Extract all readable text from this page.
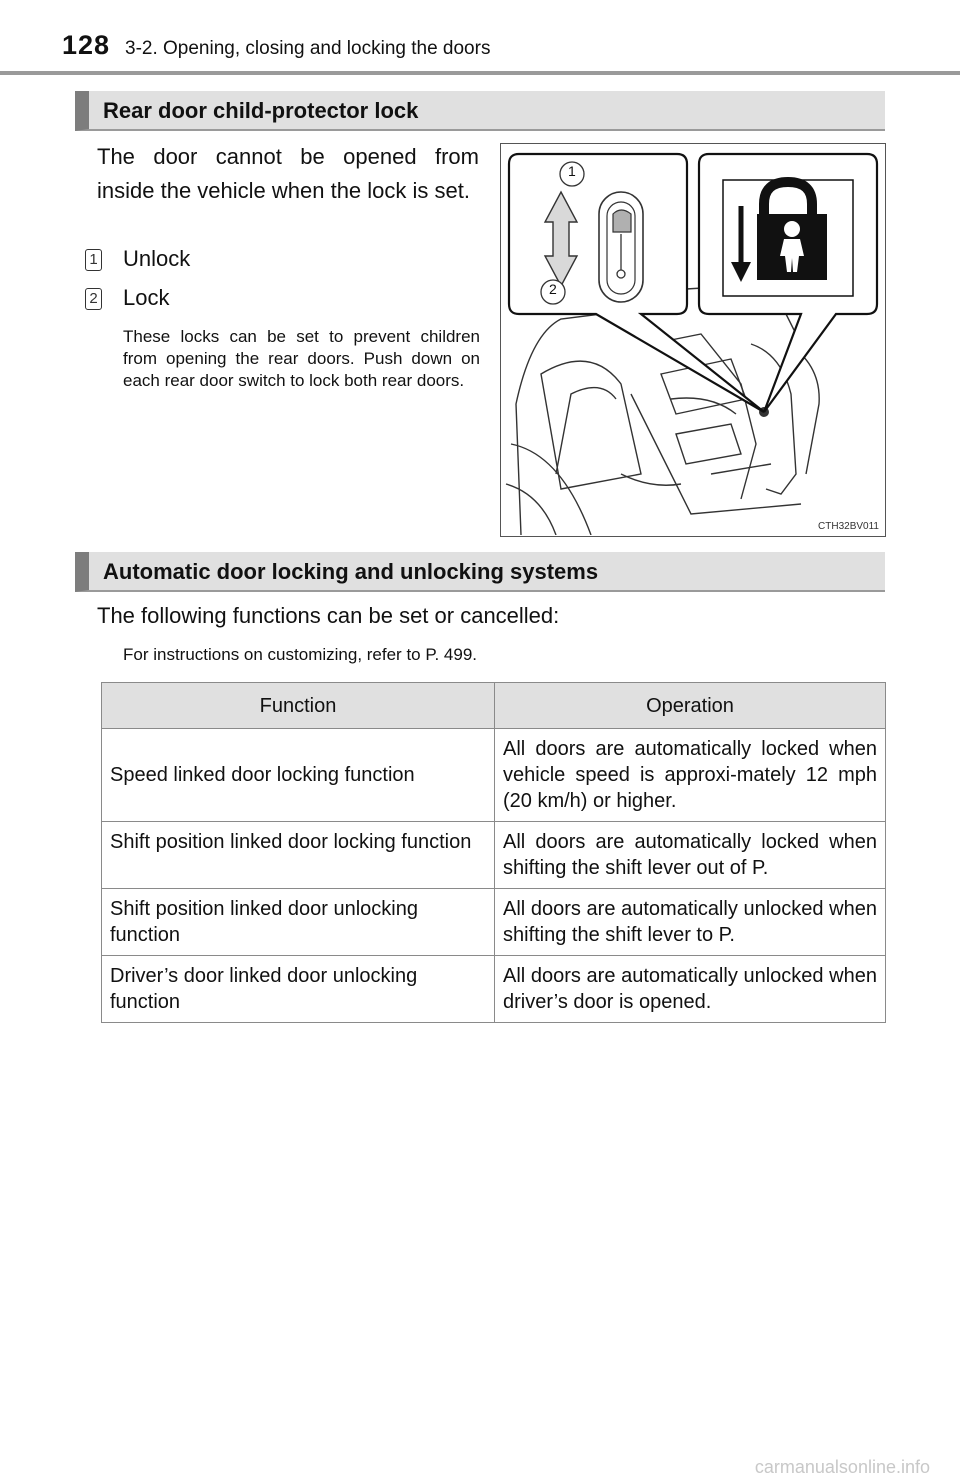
128 3-2. Opening, closing and locking the doors
Rear door child-protector lock
The door cannot be opened from inside the vehicle when the lock is set.
1 Unlock
2 Lock
These locks can be set to prevent children from opening the rear doors. Push down on each rear door switch to lock both rear doors.
1
2
CTH32BV011
Automatic door locking and unlocking systems
The following functions can be set or cancelled:
For instructions on customizing, refer to P. 499.
Function	Operation
Speed linked door locking function	All doors are automatically locked when vehicle speed is approxi-mately 12 mph (20 km/h) or higher.
Shift position linked door locking function	All doors are automatically locked when shifting the shift lever out of P.
Shift position linked door unlocking function	All doors are automatically unlocked when shifting the shift lever to P.
Driver’s door linked door unlocking function	All doors are automatically unlocked when driver’s door is opened.
carmanualsonline.info
